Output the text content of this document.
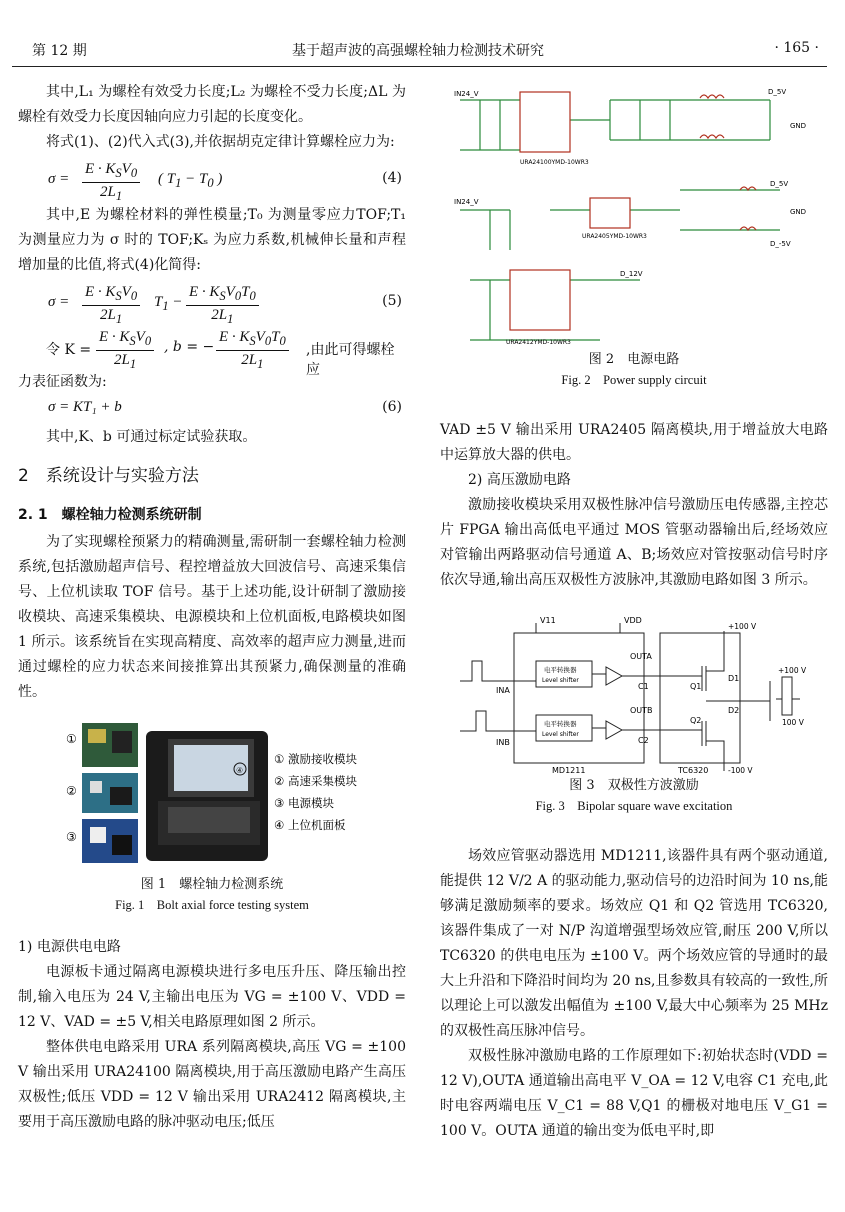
第 12 期	基于超声波的高强螺栓轴力检测技术研究	· 165 ·

其中,L₁ 为螺栓有效受力长度;L₂ 为螺栓不受力长度;ΔL 为螺栓有效受力长度因轴向应力引起的长度变化。

将式(1)、(2)代入式(3),并依据胡克定律计算螺栓应力为:

σ =
$E \cdot K_SV_0$
$2L_1$
( $T_1 - T_0$ )	(4)

其中,E 为螺栓材料的弹性模量;T₀ 为测量零应力TOF;T₁ 为测量应力为 σ 时的 TOF;Kₛ 为应力系数,机械伸长量和声程增加量的比值,将式(4)化简得:

σ =
$E \cdot K_SV_0$
$2L_1$
$T_1$ −
$E \cdot K_SV_0T_0$
$2L_1$
(5)
令 K =
$E \cdot K_SV_0$
$2L_1$
, b = −
$E \cdot K_SV_0T_0$
$2L_1$
,由此可得螺栓应

力表征函数为:

σ = KT₁ + b	(6)

其中,K、b 可通过标定试验获取。

2　系统设计与实验方法
2. 1　螺栓轴力检测系统研制

为了实现螺栓预紧力的精确测量,需研制一套螺栓轴力检测系统,包括激励超声信号、程控增益放大回波信号、高速采集信号、上位机读取 TOF 信号。基于上述功能,设计研制了激励接收模块、高速采集模块、电源模块和上位机面板,电路模块如图 1 所示。该系统旨在实现高精度、高效率的超声应力测量,进而通过螺栓的应力状态来间接推算出其预紧力,确保测量的准确性。

①
②
③
④
① 激励接收模块
② 高速采集模块
③ 电源模块
④ 上位机面板
图 1　螺栓轴力检测系统
Fig. 1　Bolt axial force testing system

1) 电源供电电路

电源板卡通过隔离电源模块进行多电压升压、降压输出控制,输入电压为 24 V,主输出电压为 VG = ±100 V、VDD = 12 V、VAD = ±5 V,相关电路原理如图 2 所示。

整体供电电路采用 URA 系列隔离模块,高压 VG = ±100 V 输出采用 URA24100 隔离模块,用于高压激励电路产生高压双极性;低压 VDD = 12 V 输出采用 URA2412 隔离模块,主要用于高压激励电路的脉冲驱动电压;低压

IN24_V
URA24100YMD-10WR3
D_5V
GND
IN24_V
URA2405YMD-10WR3
D_5V
D_-5V
GND
URA2412YMD-10WR3
D_12V
图 2　电源电路
Fig. 2　Power supply circuit

VAD ±5 V 输出采用 URA2405 隔离模块,用于增益放大电路中运算放大器的供电。

2) 高压激励电路

激励接收模块采用双极性脉冲信号激励压电传感器,主控芯片 FPGA 输出高低电平通过 MOS 管驱动器输出后,经场效应对管输出两路驱动信号通道 A、B;场效应对管按驱动信号时序依次导通,输出高压双极性方波脉冲,其激励电路如图 3 所示。

V11	VDD
INA
INB
电平转换器
Level shifter
电平转换器
Level shifter
OUTA
OUTB
C1
C2
Q1
Q2
D1
D2
+100 V
-100 V
+100 V
100 V
MD1211	TC6320
图 3　双极性方波激励
Fig. 3　Bipolar square wave excitation

场效应管驱动器选用 MD1211,该器件具有两个驱动通道,能提供 12 V/2 A 的驱动能力,驱动信号的边沿时间为 10 ns,能够满足激励频率的要求。场效应 Q1 和 Q2 管选用 TC6320,该器件集成了一对 N/P 沟道增强型场效应管,耐压 200 V,所以 TC6320 的供电电压为 ±100 V。两个场效应管的导通时的最大上升沿和下降沿时间均为 20 ns,且参数具有较高的一致性,所以理论上可以激发出幅值为 ±100 V,最大中心频率为 25 MHz 的双极性高压脉冲信号。

双极性脉冲激励电路的工作原理如下:初始状态时(VDD = 12 V),OUTA 通道输出高电平 V_OA = 12 V,电容 C1 充电,此时电容两端电压 V_C1 = 88 V,Q1 的栅极对地电压 V_G1 = 100 V。OUTA 通道的输出变为低电平时,即
